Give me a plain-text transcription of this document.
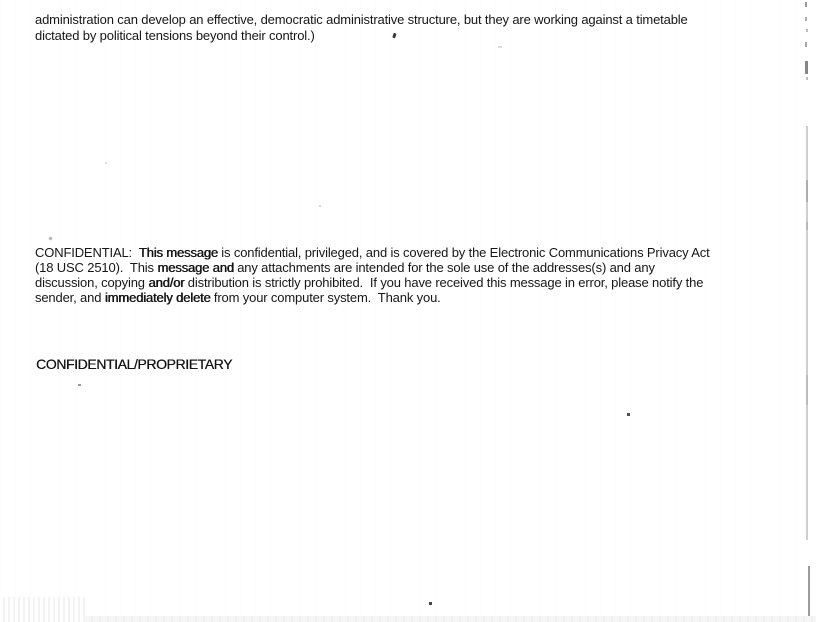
administration can develop an effective, democratic administrative structure, but they are working against a timetable
dictated by political tensions beyond their control.)
CONFIDENTIAL:  This message is confidential, privileged, and is covered by the Electronic Communications Privacy Act
(18 USC 2510).  This message and any attachments are intended for the sole use of the addresses(s) and any
discussion, copying and/or distribution is strictly prohibited.  If you have received this message in error, please notify the
sender, and immediately delete from your computer system.  Thank you.
CONFIDENTIAL/PROPRIETARY
